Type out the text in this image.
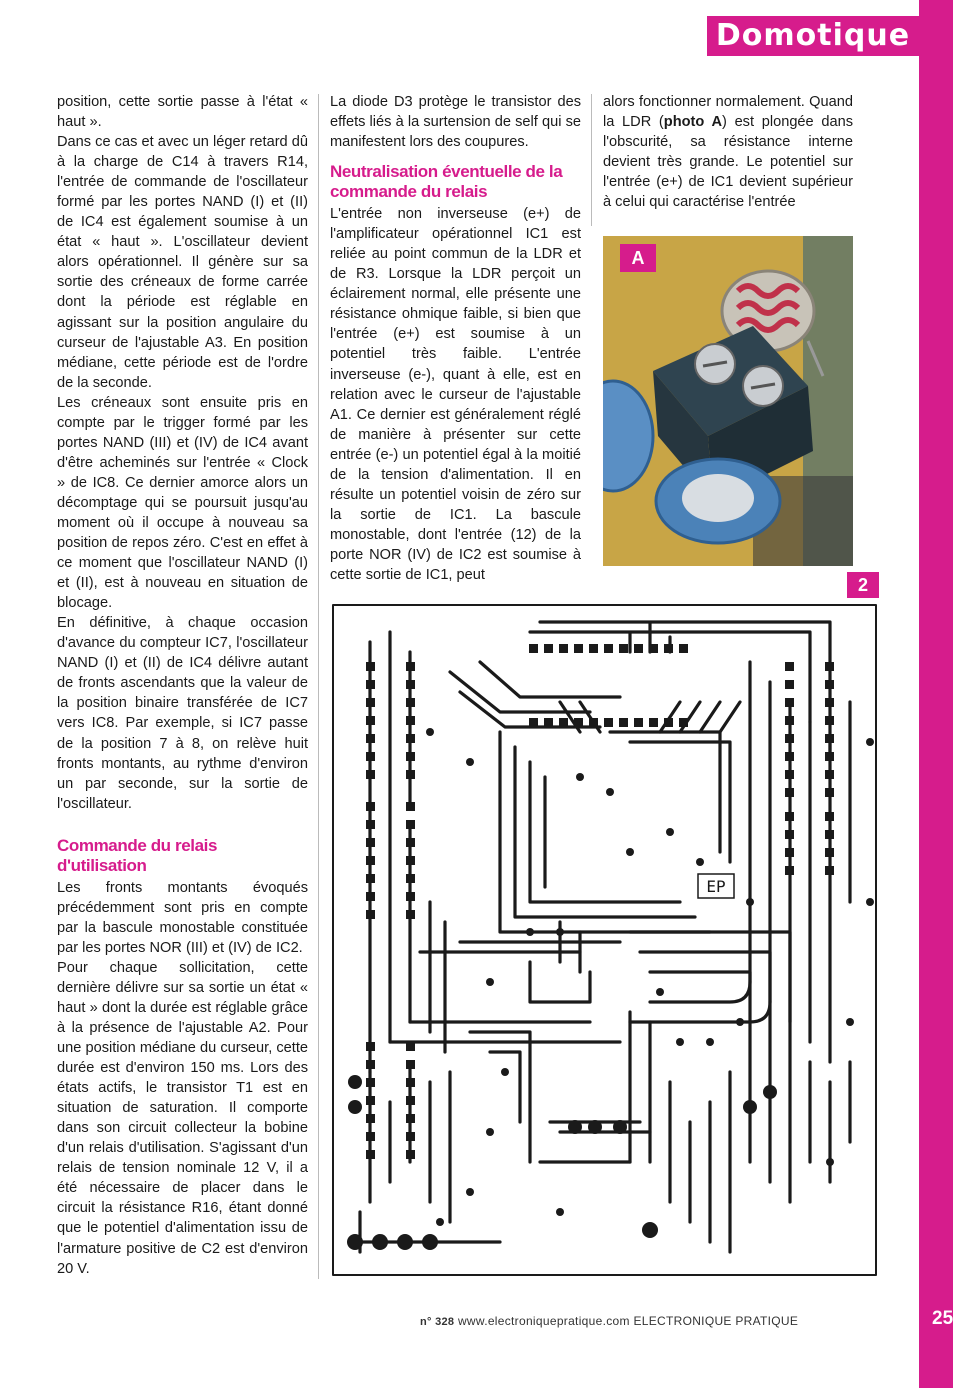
Domotique

position, cette sortie passe à l'état « haut ».

Dans ce cas et avec un léger retard dû à la charge de C14 à travers R14, l'entrée de commande de l'oscillateur formé par les portes NAND (I) et (II) de IC4 est également soumise à un état « haut ». L'oscillateur devient alors opérationnel. Il génère sur sa sortie des créneaux de forme carrée dont la période est réglable en agissant sur la position angulaire du curseur de l'ajustable A3. En position médiane, cette période est de l'ordre de la seconde.

Les créneaux sont ensuite pris en compte par le trigger formé par les portes NAND (III) et (IV) de IC4 avant d'être acheminés sur l'entrée « Clock » de IC8. Ce dernier amorce alors un décomptage qui se poursuit jusqu'au moment où il occupe à nouveau sa position de repos zéro. C'est en effet à ce moment que l'oscillateur NAND (I) et (II), est à nouveau en situation de blocage.

En définitive, à chaque occasion d'avance du compteur IC7, l'oscillateur NAND (I) et (II) de IC4 délivre autant de fronts ascendants que la valeur de la position binaire transférée de IC7 vers IC8. Par exemple, si IC7 passe de la position 7 à 8, on relève huit fronts montants, au rythme d'environ un par seconde, sur la sortie de l'oscillateur.

Commande du relais d'utilisation

Les fronts montants évoqués précédemment sont pris en compte par la bascule monostable constituée par les portes NOR (III) et (IV) de IC2.

Pour chaque sollicitation, cette dernière délivre sur sa sortie un état « haut » dont la durée est réglable grâce à la présence de l'ajustable A2. Pour une position médiane du curseur, cette durée est d'environ 150 ms. Lors des états actifs, le transistor T1 est en situation de saturation. Il comporte dans son circuit collecteur la bobine d'un relais d'utilisation. S'agissant d'un relais de tension nominale 12 V, il a été nécessaire de placer dans le circuit la résistance R16, étant donné que le potentiel d'alimentation issu de l'armature positive de C2 est d'environ 20 V.

La diode D3 protège le transistor des effets liés à la surtension de self qui se manifestent lors des coupures.

Neutralisation éventuelle de la commande du relais

L'entrée non inverseuse (e+) de l'amplificateur opérationnel IC1 est reliée au point commun de la LDR et de R3. Lorsque la LDR perçoit un éclairement normal, elle présente une résistance ohmique faible, si bien que l'entrée (e+) est soumise à un potentiel très faible. L'entrée inverseuse (e-), quant à elle, est en relation avec le curseur de l'ajustable A1. Ce dernier est généralement réglé de manière à présenter sur cette entrée (e-) un potentiel égal à la moitié de la tension d'alimentation. Il en résulte un potentiel voisin de zéro sur la sortie de IC1. La bascule monostable, dont l'entrée (12) de la porte NOR (IV) de IC2 est soumise à cette sortie de IC1, peut

alors fonctionner normalement. Quand la LDR (photo A) est plongée dans l'obscurité, sa résistance interne devient très grande. Le potentiel sur l'entrée (e+) de IC1 devient supérieur à celui qui caractérise l'entrée

A
2
EP
n° 328 www.electroniquepratique.com ELECTRONIQUE PRATIQUE	25
